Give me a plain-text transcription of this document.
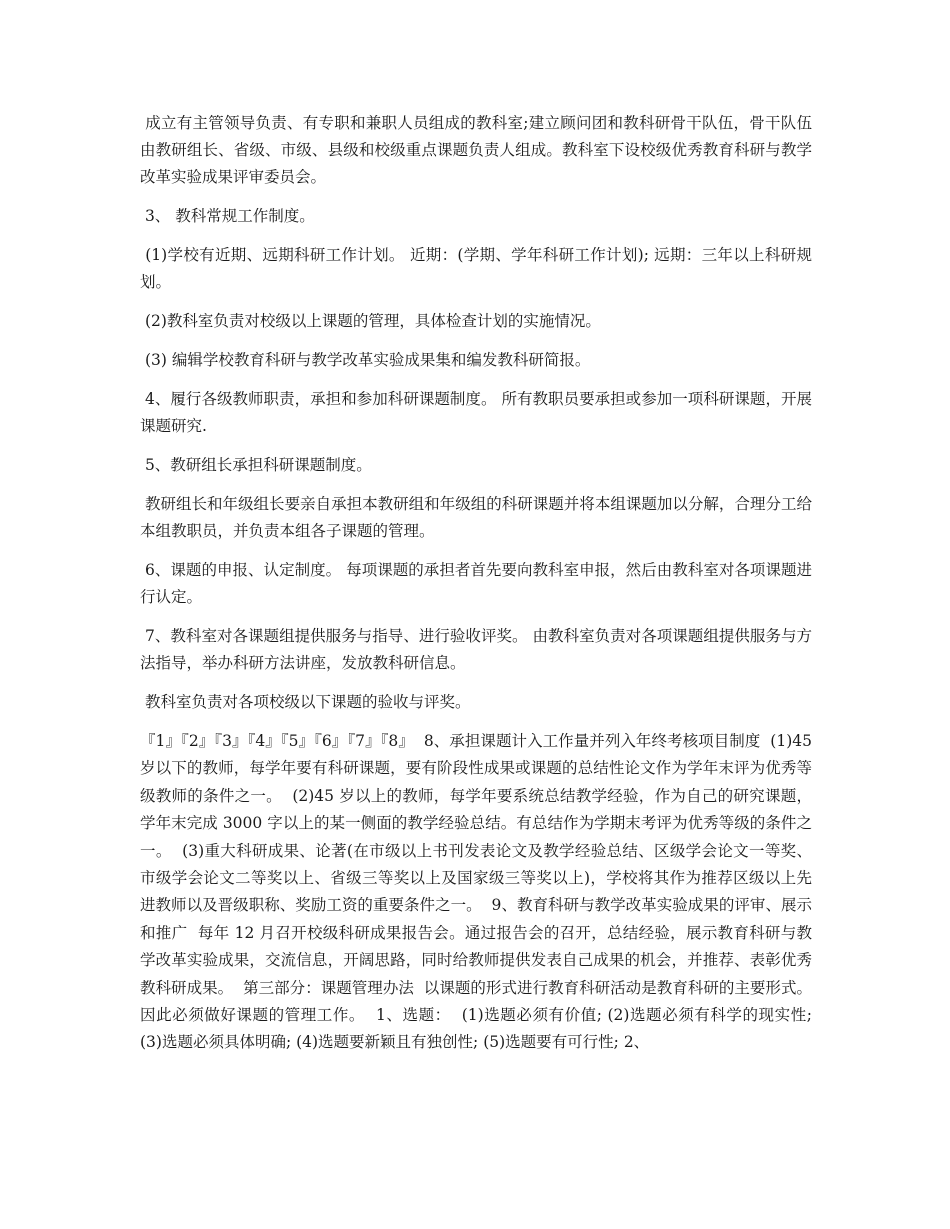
成立有主管领导负责、有专职和兼职人员组成的教科室;建立顾问团和教科研骨干队伍，骨干队伍由教研组长、省级、市级、县级和校级重点课题负责人组成。教科室下设校级优秀教育科研与教学改革实验成果评审委员会。

3、 教科常规工作制度。

(1)学校有近期、远期科研工作计划。 近期：(学期、学年科研工作计划); 远期：三年以上科研规划。

(2)教科室负责对校级以上课题的管理，具体检查计划的实施情况。

(3) 编辑学校教育科研与教学改革实验成果集和编发教科研简报。

4、履行各级教师职责，承担和参加科研课题制度。 所有教职员要承担或参加一项科研课题，开展课题研究.

5、教研组长承担科研课题制度。

教研组长和年级组长要亲自承担本教研组和年级组的科研课题并将本组课题加以分解，合理分工给本组教职员，并负责本组各子课题的管理。

6、课题的申报、认定制度。 每项课题的承担者首先要向教科室申报，然后由教科室对各项课题进行认定。

7、教科室对各课题组提供服务与指导、进行验收评奖。 由教科室负责对各项课题组提供服务与方法指导，举办科研方法讲座，发放教科研信息。

教科室负责对各项校级以下课题的验收与评奖。

『1』『2』『3』『4』『5』『6』『7』『8』  8、承担课题计入工作量并列入年终考核项目制度  (1)45 岁以下的教师，每学年要有科研课题，要有阶段性成果或课题的总结性论文作为学年末评为优秀等级教师的条件之一。  (2)45 岁以上的教师，每学年要系统总结教学经验，作为自己的研究课题，学年末完成 3000 字以上的某一侧面的教学经验总结。有总结作为学期末考评为优秀等级的条件之一。  (3)重大科研成果、论著(在市级以上书刊发表论文及教学经验总结、区级学会论文一等奖、市级学会论文二等奖以上、省级三等奖以上及国家级三等奖以上)，学校将其作为推荐区级以上先进教师以及晋级职称、奖励工资的重要条件之一。  9、教育科研与教学改革实验成果的评审、展示和推广  每年 12 月召开校级科研成果报告会。通过报告会的召开，总结经验，展示教育科研与教学改革实验成果，交流信息，开阔思路，同时给教师提供发表自己成果的机会，并推荐、表彰优秀教科研成果。  第三部分：课题管理办法  以课题的形式进行教育科研活动是教育科研的主要形式。因此必须做好课题的管理工作。  1、选题：  (1)选题必须有价值; (2)选题必须有科学的现实性; (3)选题必须具体明确; (4)选题要新颖且有独创性; (5)选题要有可行性; 2、
